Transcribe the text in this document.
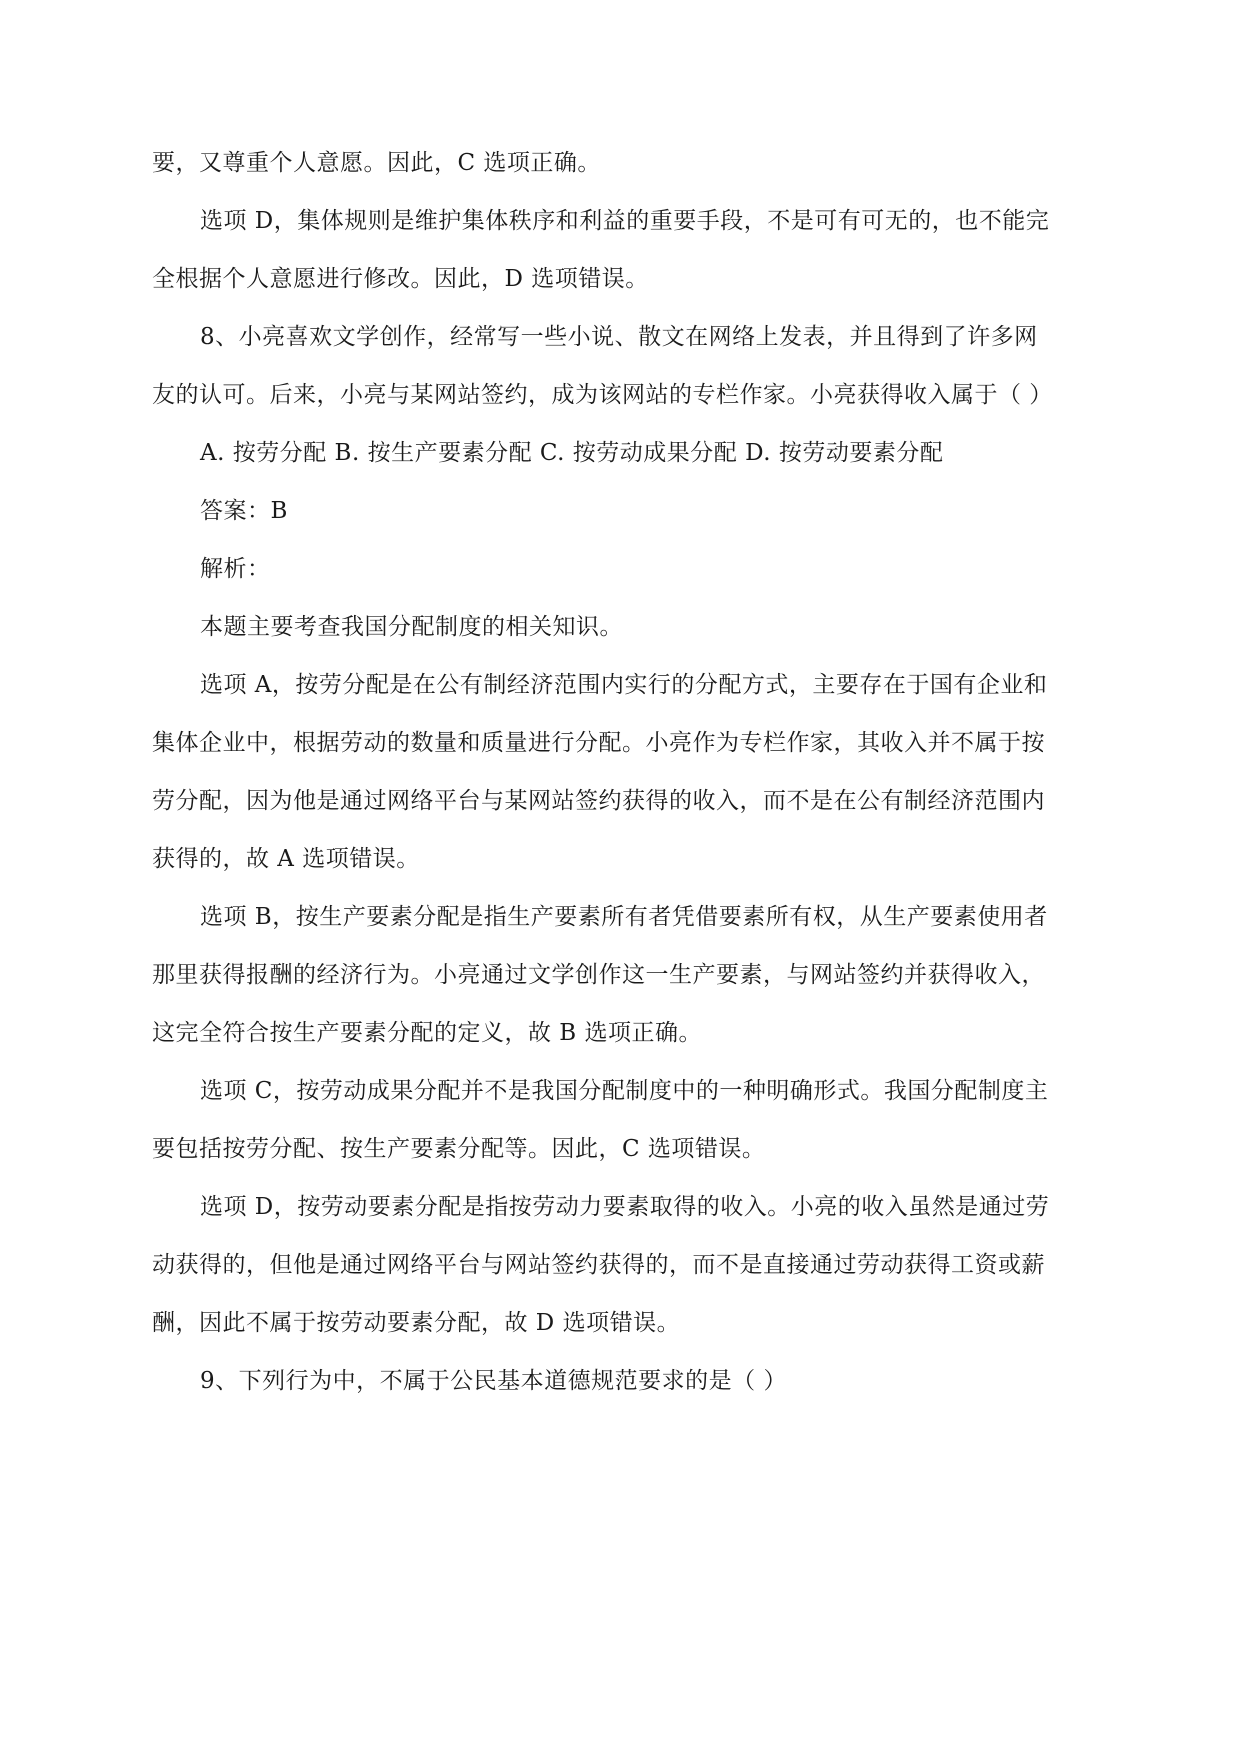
要，又尊重个人意愿。因此，C 选项正确。
选项 D，集体规则是维护集体秩序和利益的重要手段，不是可有可无的，也不能完
全根据个人意愿进行修改。因此，D 选项错误。
8、小亮喜欢文学创作，经常写一些小说、散文在网络上发表，并且得到了许多网
友的认可。后来，小亮与某网站签约，成为该网站的专栏作家。小亮获得收入属于（ ）
A. 按劳分配 B. 按生产要素分配 C. 按劳动成果分配 D. 按劳动要素分配
答案：B
解析：
本题主要考查我国分配制度的相关知识。
选项 A，按劳分配是在公有制经济范围内实行的分配方式，主要存在于国有企业和
集体企业中，根据劳动的数量和质量进行分配。小亮作为专栏作家，其收入并不属于按
劳分配，因为他是通过网络平台与某网站签约获得的收入，而不是在公有制经济范围内
获得的，故 A 选项错误。
选项 B，按生产要素分配是指生产要素所有者凭借要素所有权，从生产要素使用者
那里获得报酬的经济行为。小亮通过文学创作这一生产要素，与网站签约并获得收入，
这完全符合按生产要素分配的定义，故 B 选项正确。
选项 C，按劳动成果分配并不是我国分配制度中的一种明确形式。我国分配制度主
要包括按劳分配、按生产要素分配等。因此，C 选项错误。
选项 D，按劳动要素分配是指按劳动力要素取得的收入。小亮的收入虽然是通过劳
动获得的，但他是通过网络平台与网站签约获得的，而不是直接通过劳动获得工资或薪
酬，因此不属于按劳动要素分配，故 D 选项错误。
9、下列行为中，不属于公民基本道德规范要求的是（ ）
